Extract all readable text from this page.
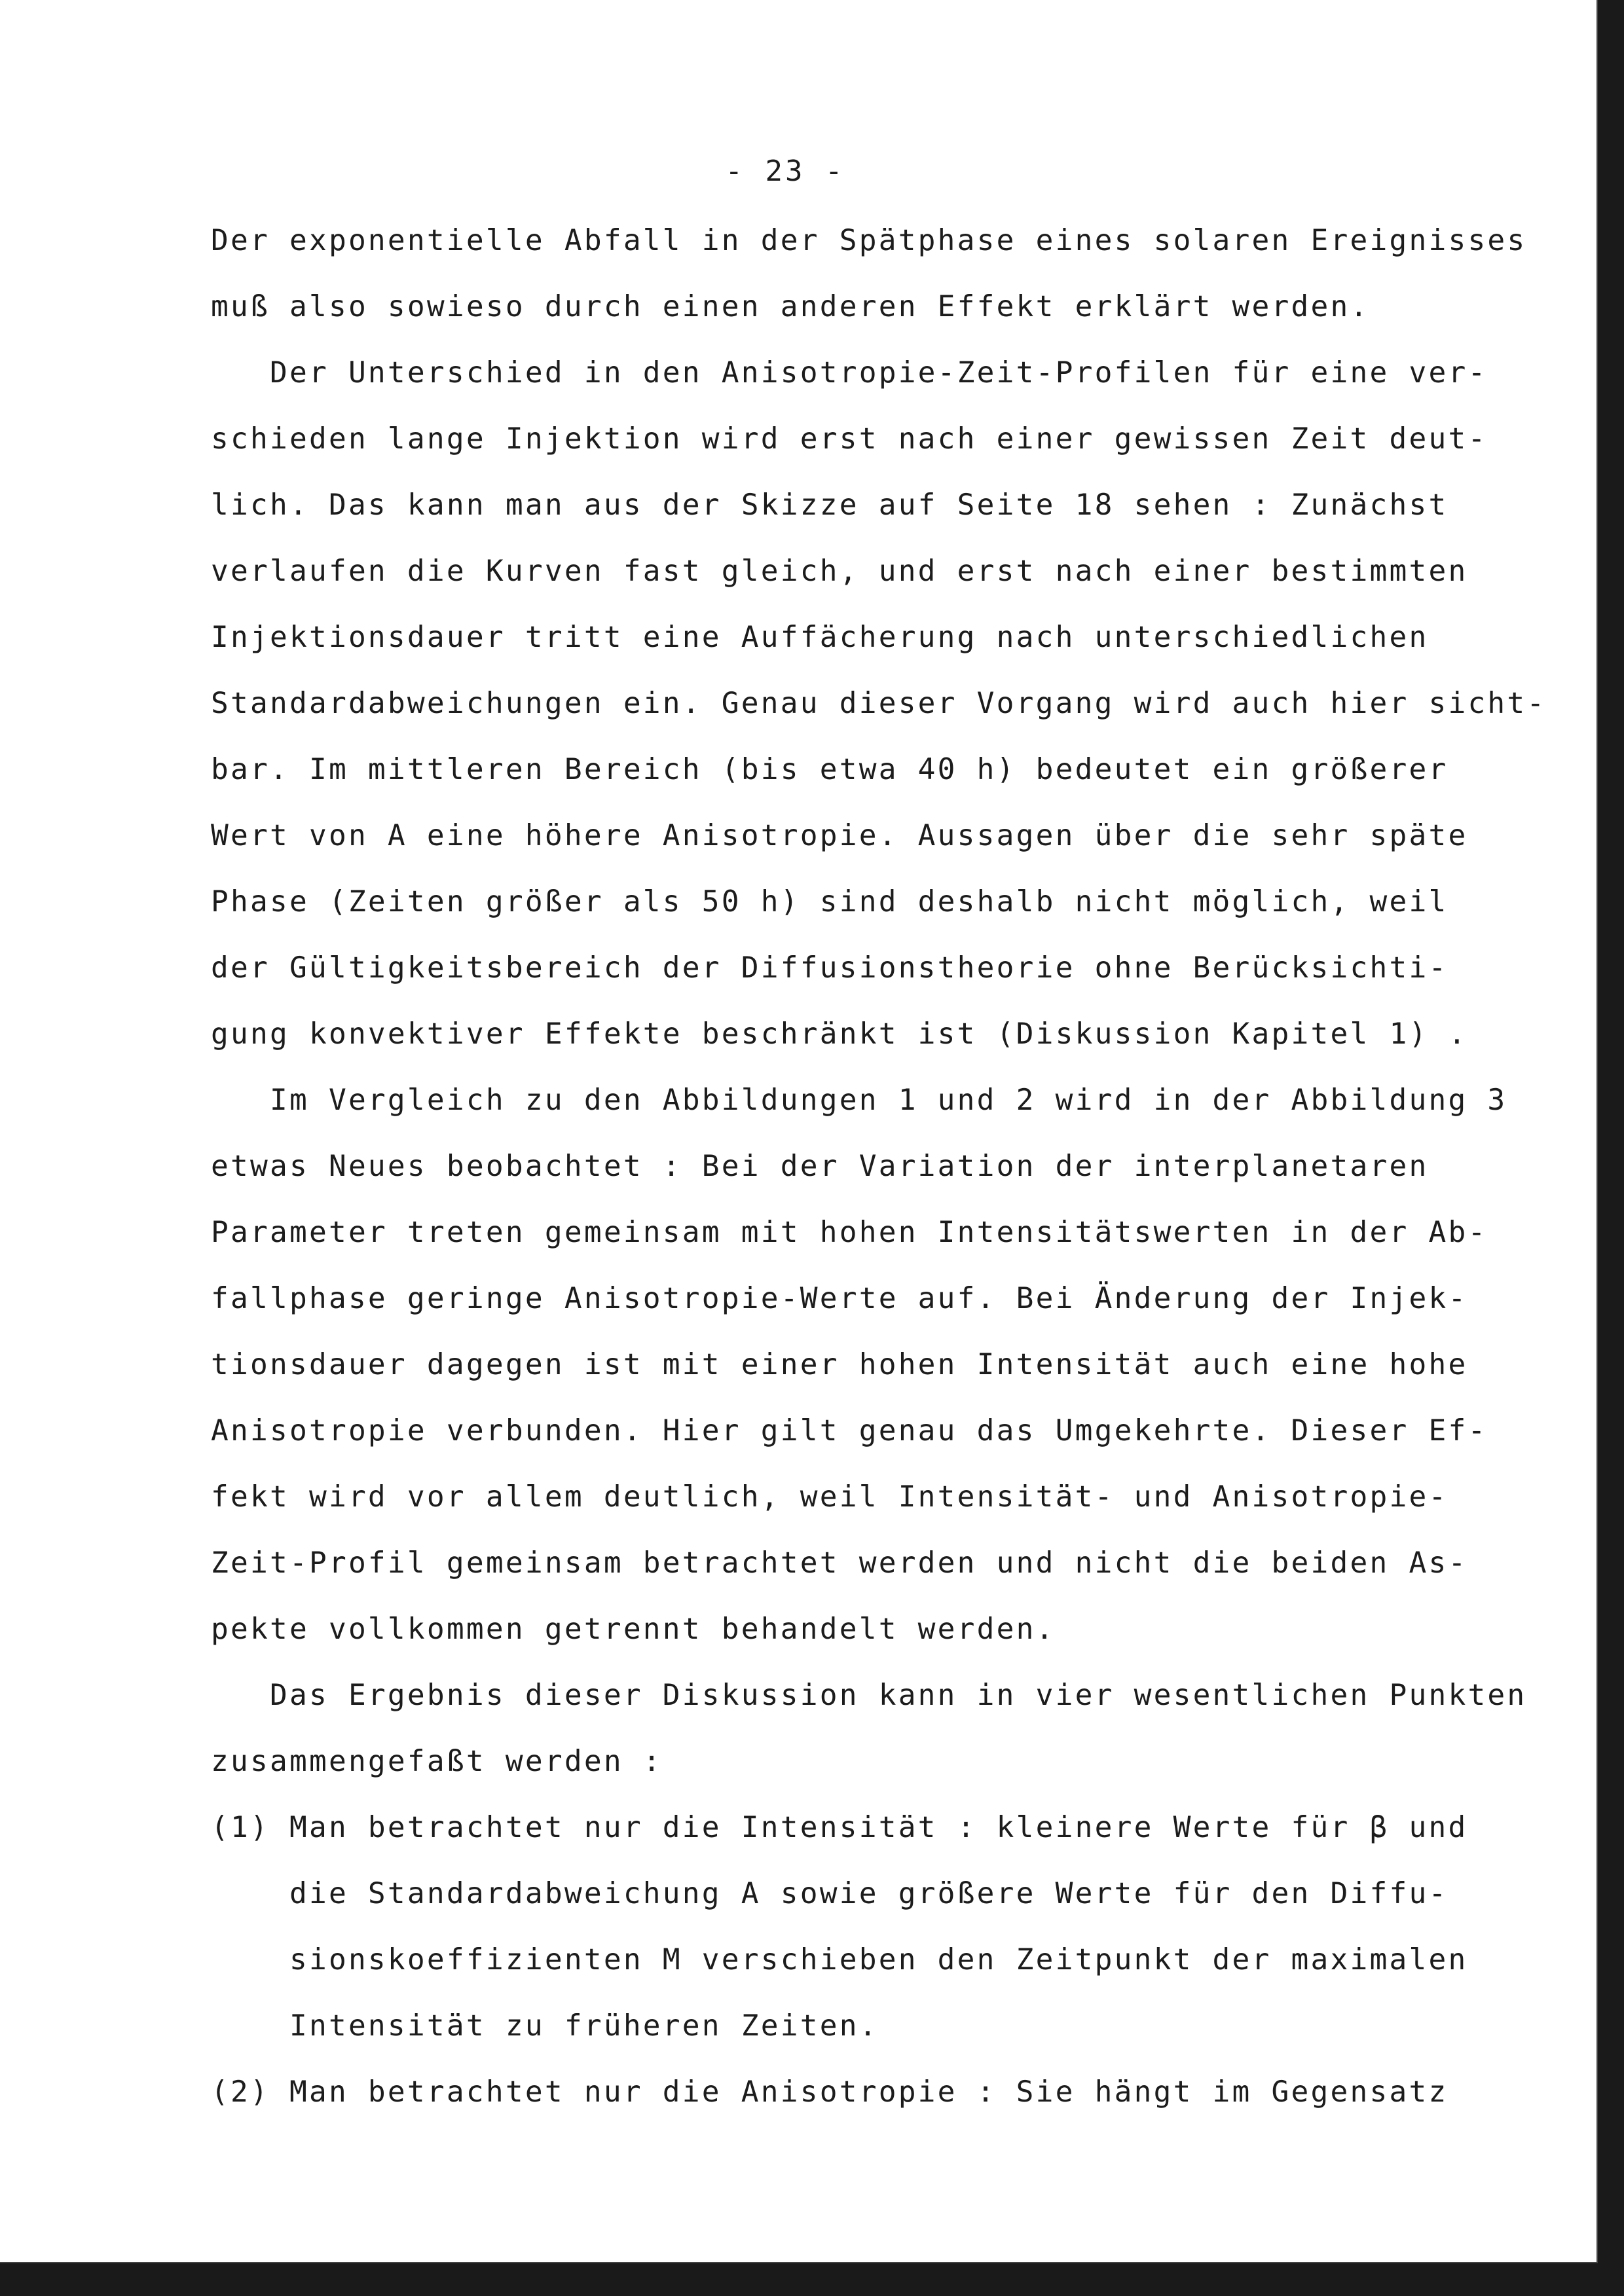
- 23 -
Der exponentielle Abfall in der Spätphase eines solaren Ereignisses
muß also sowieso durch einen anderen Effekt erklärt werden.
Der Unterschied in den Anisotropie-Zeit-Profilen für eine ver-
schieden lange Injektion wird erst nach einer gewissen Zeit deut-
lich. Das kann man aus der Skizze auf Seite 18 sehen : Zunächst
verlaufen die Kurven fast gleich, und erst nach einer bestimmten
Injektionsdauer tritt eine Auffächerung nach unterschiedlichen
Standardabweichungen ein. Genau dieser Vorgang wird auch hier sicht-
bar. Im mittleren Bereich (bis etwa 40 h) bedeutet ein größerer
Wert von A eine höhere Anisotropie. Aussagen über die sehr späte
Phase (Zeiten größer als 50 h) sind deshalb nicht möglich, weil
der Gültigkeitsbereich der Diffusionstheorie ohne Berücksichti-
gung konvektiver Effekte beschränkt ist (Diskussion Kapitel 1) .
Im Vergleich zu den Abbildungen 1 und 2 wird in der Abbildung 3
etwas Neues beobachtet : Bei der Variation der interplanetaren
Parameter treten gemeinsam mit hohen Intensitätswerten in der Ab-
fallphase geringe Anisotropie-Werte auf. Bei Änderung der Injek-
tionsdauer dagegen ist mit einer hohen Intensität auch eine hohe
Anisotropie verbunden. Hier gilt genau das Umgekehrte. Dieser Ef-
fekt wird vor allem deutlich, weil Intensität- und Anisotropie-
Zeit-Profil gemeinsam betrachtet werden und nicht die beiden As-
pekte vollkommen getrennt behandelt werden.
Das Ergebnis dieser Diskussion kann in vier wesentlichen Punkten
zusammengefaßt werden :
(1) Man betrachtet nur die Intensität : kleinere Werte für β und
die Standardabweichung A sowie größere Werte für den Diffu-
sionskoeffizienten M verschieben den Zeitpunkt der maximalen
Intensität zu früheren Zeiten.
(2) Man betrachtet nur die Anisotropie : Sie hängt im Gegensatz
